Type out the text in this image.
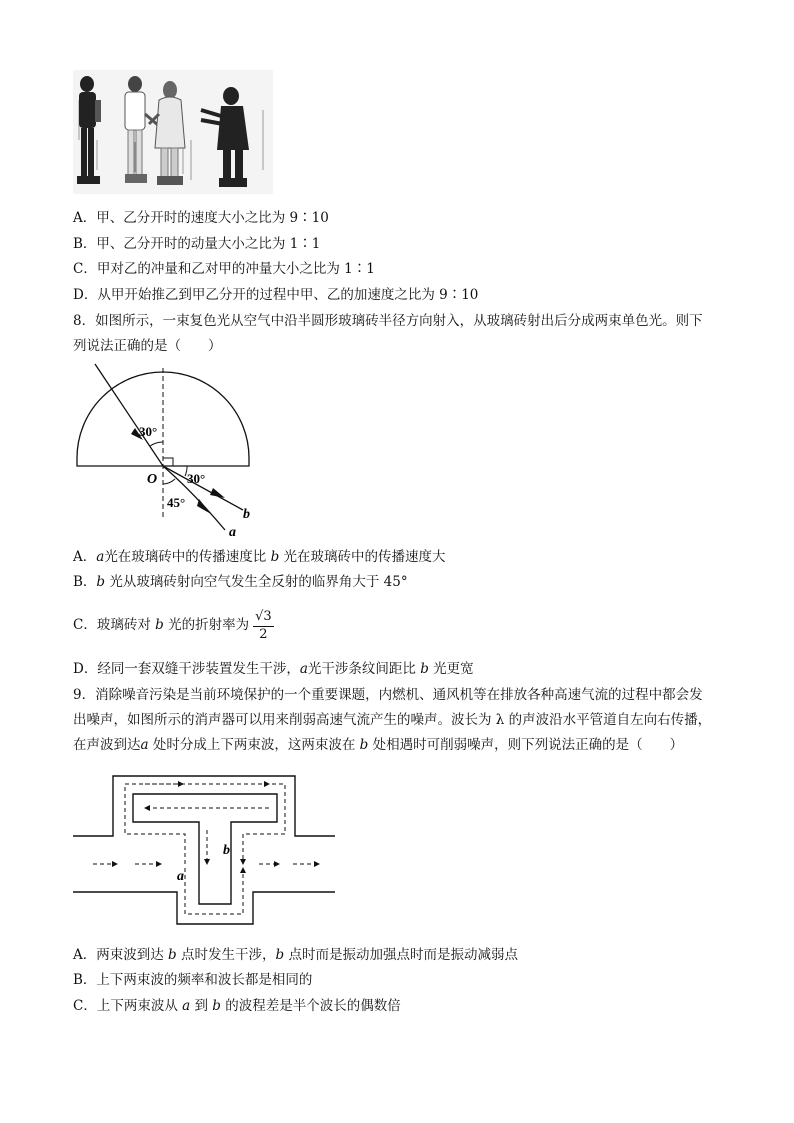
A．甲、乙分开时的速度大小之比为 9∶10
B．甲、乙分开时的动量大小之比为 1∶1
C．甲对乙的冲量和乙对甲的冲量大小之比为 1∶1
D．从甲开始推乙到甲乙分开的过程中甲、乙的加速度之比为 9∶10
8．如图所示，一束复色光从空气中沿半圆形玻璃砖半径方向射入，从玻璃砖射出后分成两束单色光。则下
列说法正确的是（　　）
30°
30°
45°
O
b
a
A．a光在玻璃砖中的传播速度比 b 光在玻璃砖中的传播速度大
B．b 光从玻璃砖射向空气发生全反射的临界角大于 45°
C．玻璃砖对 b 光的折射率为 $\frac{√3}{2}$
D．经同一套双缝干涉装置发生干涉，a光干涉条纹间距比 b 光更宽
9．消除噪音污染是当前环境保护的一个重要课题，内燃机、通风机等在排放各种高速气流的过程中都会发
出噪声，如图所示的消声器可以用来削弱高速气流产生的噪声。波长为 λ 的声波沿水平管道自左向右传播，
在声波到达a 处时分成上下两束波，这两束波在 b 处相遇时可削弱噪声，则下列说法正确的是（　　）
a
b
A．两束波到达 b 点时发生干涉，b 点时而是振动加强点时而是振动减弱点
B．上下两束波的频率和波长都是相同的
C．上下两束波从 a 到 b 的波程差是半个波长的偶数倍
